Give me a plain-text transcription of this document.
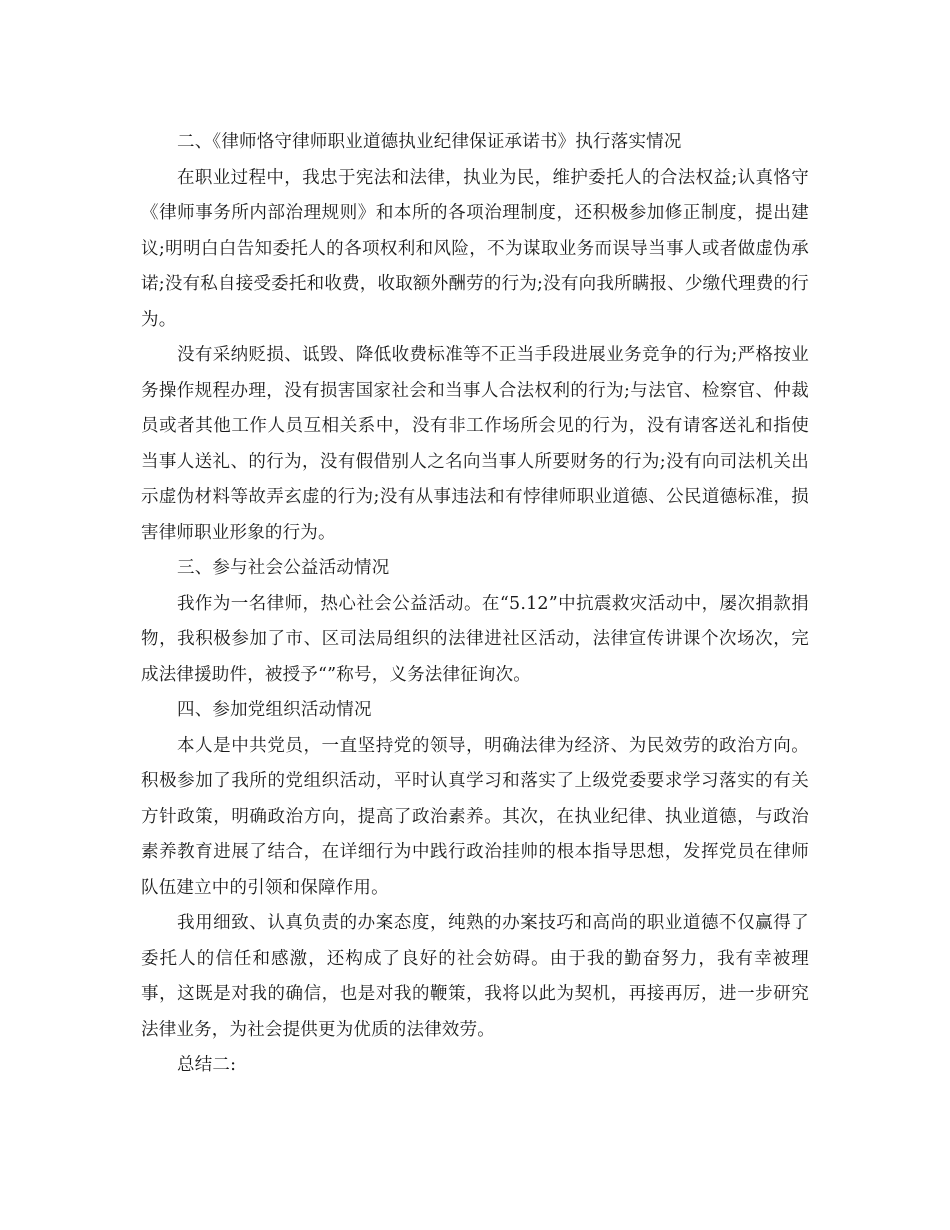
二、《律师恪守律师职业道德执业纪律保证承诺书》执行落实情况

在职业过程中，我忠于宪法和法律，执业为民，维护委托人的合法权益;认真恪守《律师事务所内部治理规则》和本所的各项治理制度，还积极参加修正制度，提出建议;明明白白告知委托人的各项权利和风险，不为谋取业务而误导当事人或者做虚伪承诺;没有私自接受委托和收费，收取额外酬劳的行为;没有向我所瞒报、少缴代理费的行为。

没有采纳贬损、诋毁、降低收费标准等不正当手段进展业务竞争的行为;严格按业务操作规程办理，没有损害国家社会和当事人合法权利的行为;与法官、检察官、仲裁员或者其他工作人员互相关系中，没有非工作场所会见的行为，没有请客送礼和指使当事人送礼、的行为，没有假借别人之名向当事人所要财务的行为;没有向司法机关出示虚伪材料等故弄玄虚的行为;没有从事违法和有悖律师职业道德、公民道德标准，损害律师职业形象的行为。

三、参与社会公益活动情况

我作为一名律师，热心社会公益活动。在“5.12”中抗震救灾活动中，屡次捐款捐物，我积极参加了市、区司法局组织的法律进社区活动，法律宣传讲课个次场次，完成法律援助件，被授予“”称号，义务法律征询次。

四、参加党组织活动情况

本人是中共党员，一直坚持党的领导，明确法律为经济、为民效劳的政治方向。积极参加了我所的党组织活动，平时认真学习和落实了上级党委要求学习落实的有关方针政策，明确政治方向，提高了政治素养。其次，在执业纪律、执业道德，与政治素养教育进展了结合，在详细行为中践行政治挂帅的根本指导思想，发挥党员在律师队伍建立中的引领和保障作用。

我用细致、认真负责的办案态度，纯熟的办案技巧和高尚的职业道德不仅赢得了委托人的信任和感激，还构成了良好的社会妨碍。由于我的勤奋努力，我有幸被理事，这既是对我的确信，也是对我的鞭策，我将以此为契机，再接再厉，进一步研究法律业务，为社会提供更为优质的法律效劳。

总结二:
